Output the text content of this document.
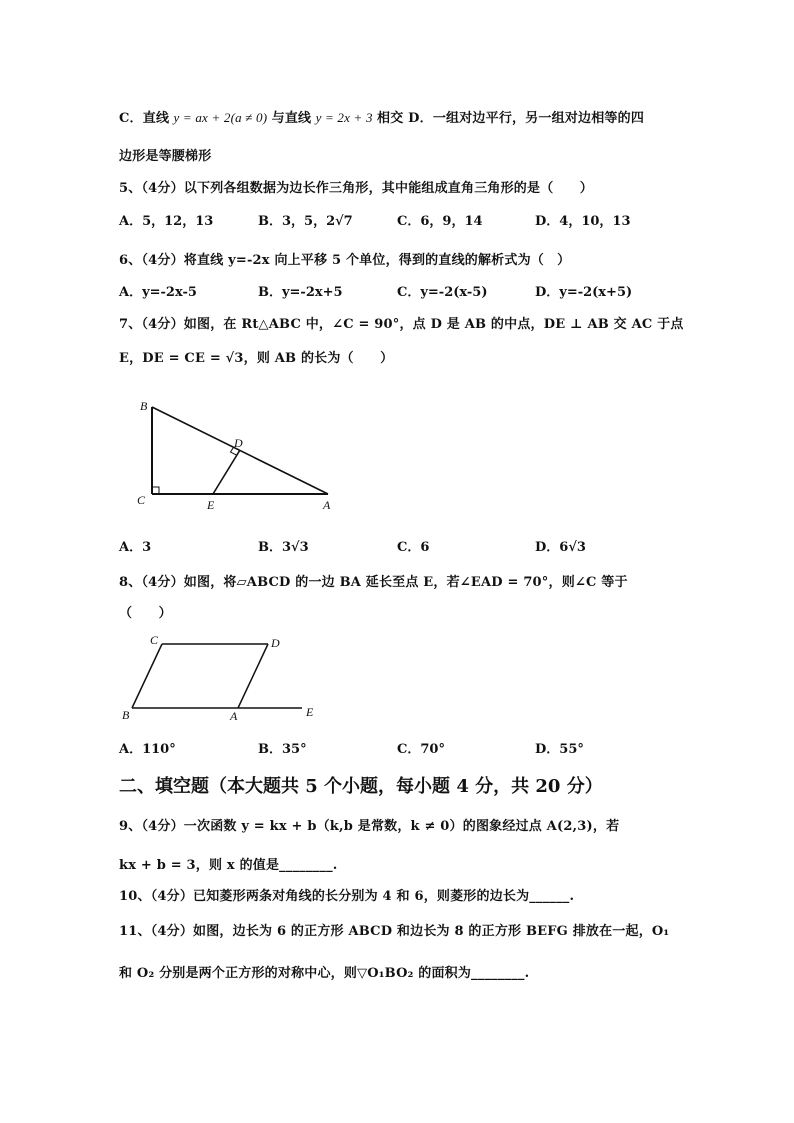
C．直线 y = ax + 2(a ≠ 0) 与直线 y = 2x + 3 相交 D．一组对边平行，另一组对边相等的四
边形是等腰梯形
5、（4分）以下列各组数据为边长作三角形，其中能组成直角三角形的是（　　）
A．5，12，13	B．3，5，2√7	C．6，9，14	D．4，10，13
6、（4分）将直线 y=-2x 向上平移 5 个单位，得到的直线的解析式为（　）
A．y=-2x-5	B．y=-2x+5	C．y=-2(x-5)	D．y=-2(x+5)
7、（4分）如图，在 Rt△ABC 中，∠C = 90°，点 D 是 AB 的中点，DE ⊥ AB 交 AC 于点
E，DE = CE = √3，则 AB 的长为（　　）
B
D
C	E	A
A．3	B．3√3	C．6	D．6√3
8、（4分）如图，将▱ABCD 的一边 BA 延长至点 E，若∠EAD = 70°，则∠C 等于
（　　）
C	D
B	A	E
A．110°	B．35°	C．70°	D．55°
二、填空题（本大题共 5 个小题，每小题 4 分，共 20 分）
9、（4分）一次函数 y = kx + b（k,b 是常数，k ≠ 0）的图象经过点 A(2,3)，若
kx + b = 3，则 x 的值是________.
10、（4分）已知菱形两条对角线的长分别为 4 和 6，则菱形的边长为______.
11、（4分）如图，边长为 6 的正方形 ABCD 和边长为 8 的正方形 BEFG 排放在一起，O₁
和 O₂ 分别是两个正方形的对称中心，则▽O₁BO₂ 的面积为________.
